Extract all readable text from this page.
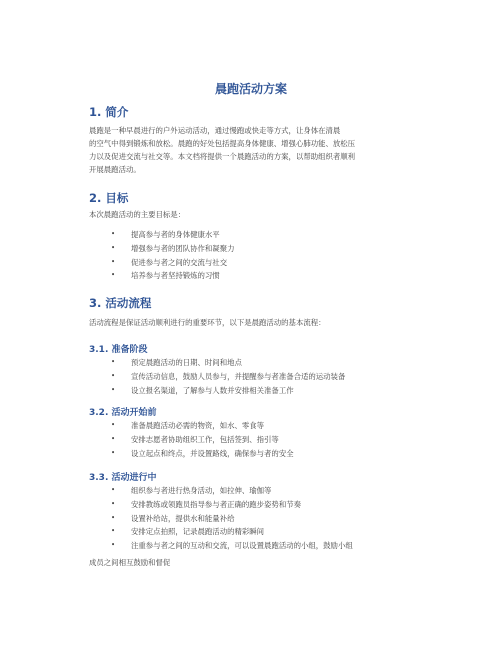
晨跑活动方案
1. 简介
晨跑是一种早晨进行的户外运动活动，通过慢跑或快走等方式，让身体在清晨
的空气中得到锻炼和放松。晨跑的好处包括提高身体健康、增强心肺功能、放松压
力以及促进交流与社交等。本文档将提供一个晨跑活动的方案，以帮助组织者顺利
开展晨跑活动。
2. 目标
本次晨跑活动的主要目标是：
• 提高参与者的身体健康水平
• 增强参与者的团队协作和凝聚力
• 促进参与者之间的交流与社交
• 培养参与者坚持锻炼的习惯
3. 活动流程
活动流程是保证活动顺利进行的重要环节，以下是晨跑活动的基本流程：
3.1. 准备阶段
• 预定晨跑活动的日期、时间和地点
• 宣传活动信息，鼓励人员参与，并提醒参与者准备合适的运动装备
• 设立报名渠道，了解参与人数并安排相关准备工作
3.2. 活动开始前
• 准备晨跑活动必需的物资，如水、零食等
• 安排志愿者协助组织工作，包括签到、指引等
• 设立起点和终点，并设置路线，确保参与者的安全
3.3. 活动进行中
• 组织参与者进行热身活动，如拉伸、瑜伽等
• 安排教练或领跑员指导参与者正确的跑步姿势和节奏
• 设置补给站，提供水和能量补给
• 安排定点拍照，记录晨跑活动的精彩瞬间
• 注重参与者之间的互动和交流，可以设置晨跑活动的小组，鼓励小组
成员之间相互鼓励和督促
